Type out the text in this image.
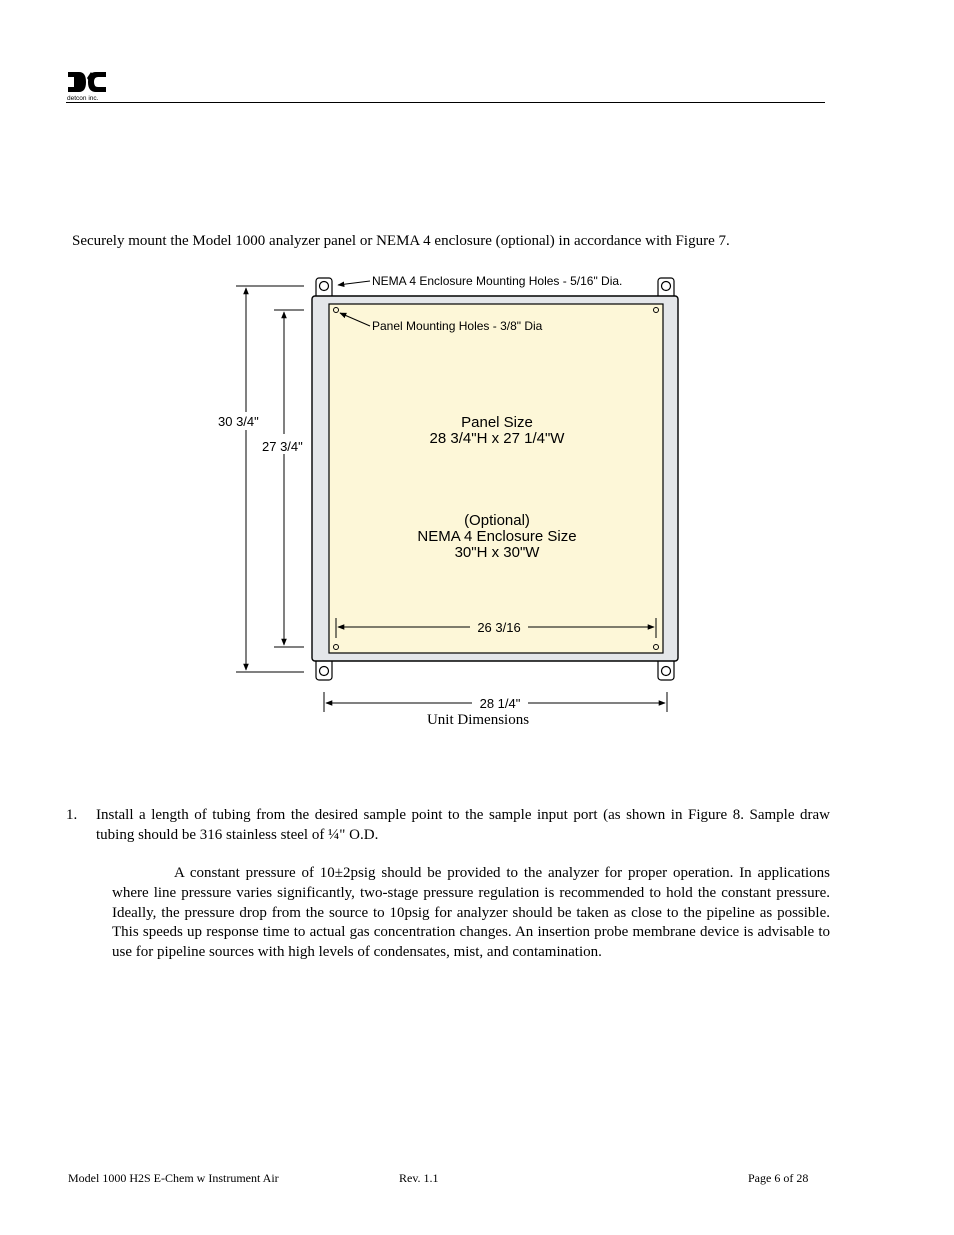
detcon inc.
Securely mount the Model 1000 analyzer panel or NEMA 4 enclosure (optional) in accordance with Figure 7.
NEMA 4 Enclosure Mounting Holes - 5/16" Dia.
Panel Mounting Holes - 3/8" Dia
Panel Size
28 3/4"H x 27 1/4"W
(Optional)
NEMA 4 Enclosure Size
30"H x 30"W
30 3/4"
27 3/4"
26 3/16
28 1/4"
Unit Dimensions
1. Install a length of tubing from the desired sample point to the sample input port (as shown in Figure 8. Sample draw tubing should be 316 stainless steel of ¼" O.D.
A constant pressure of 10±2psig should be provided to the analyzer for proper operation. In applications where line pressure varies significantly, two-stage pressure regulation is recommended to hold the constant pressure. Ideally, the pressure drop from the source to 10psig for analyzer should be taken as close to the pipeline as possible. This speeds up response time to actual gas concentration changes. An insertion probe membrane device is advisable to use for pipeline sources with high levels of condensates, mist, and contamination.
Model 1000 H2S E-Chem w Instrument Air	Rev. 1.1	Page 6 of 28
